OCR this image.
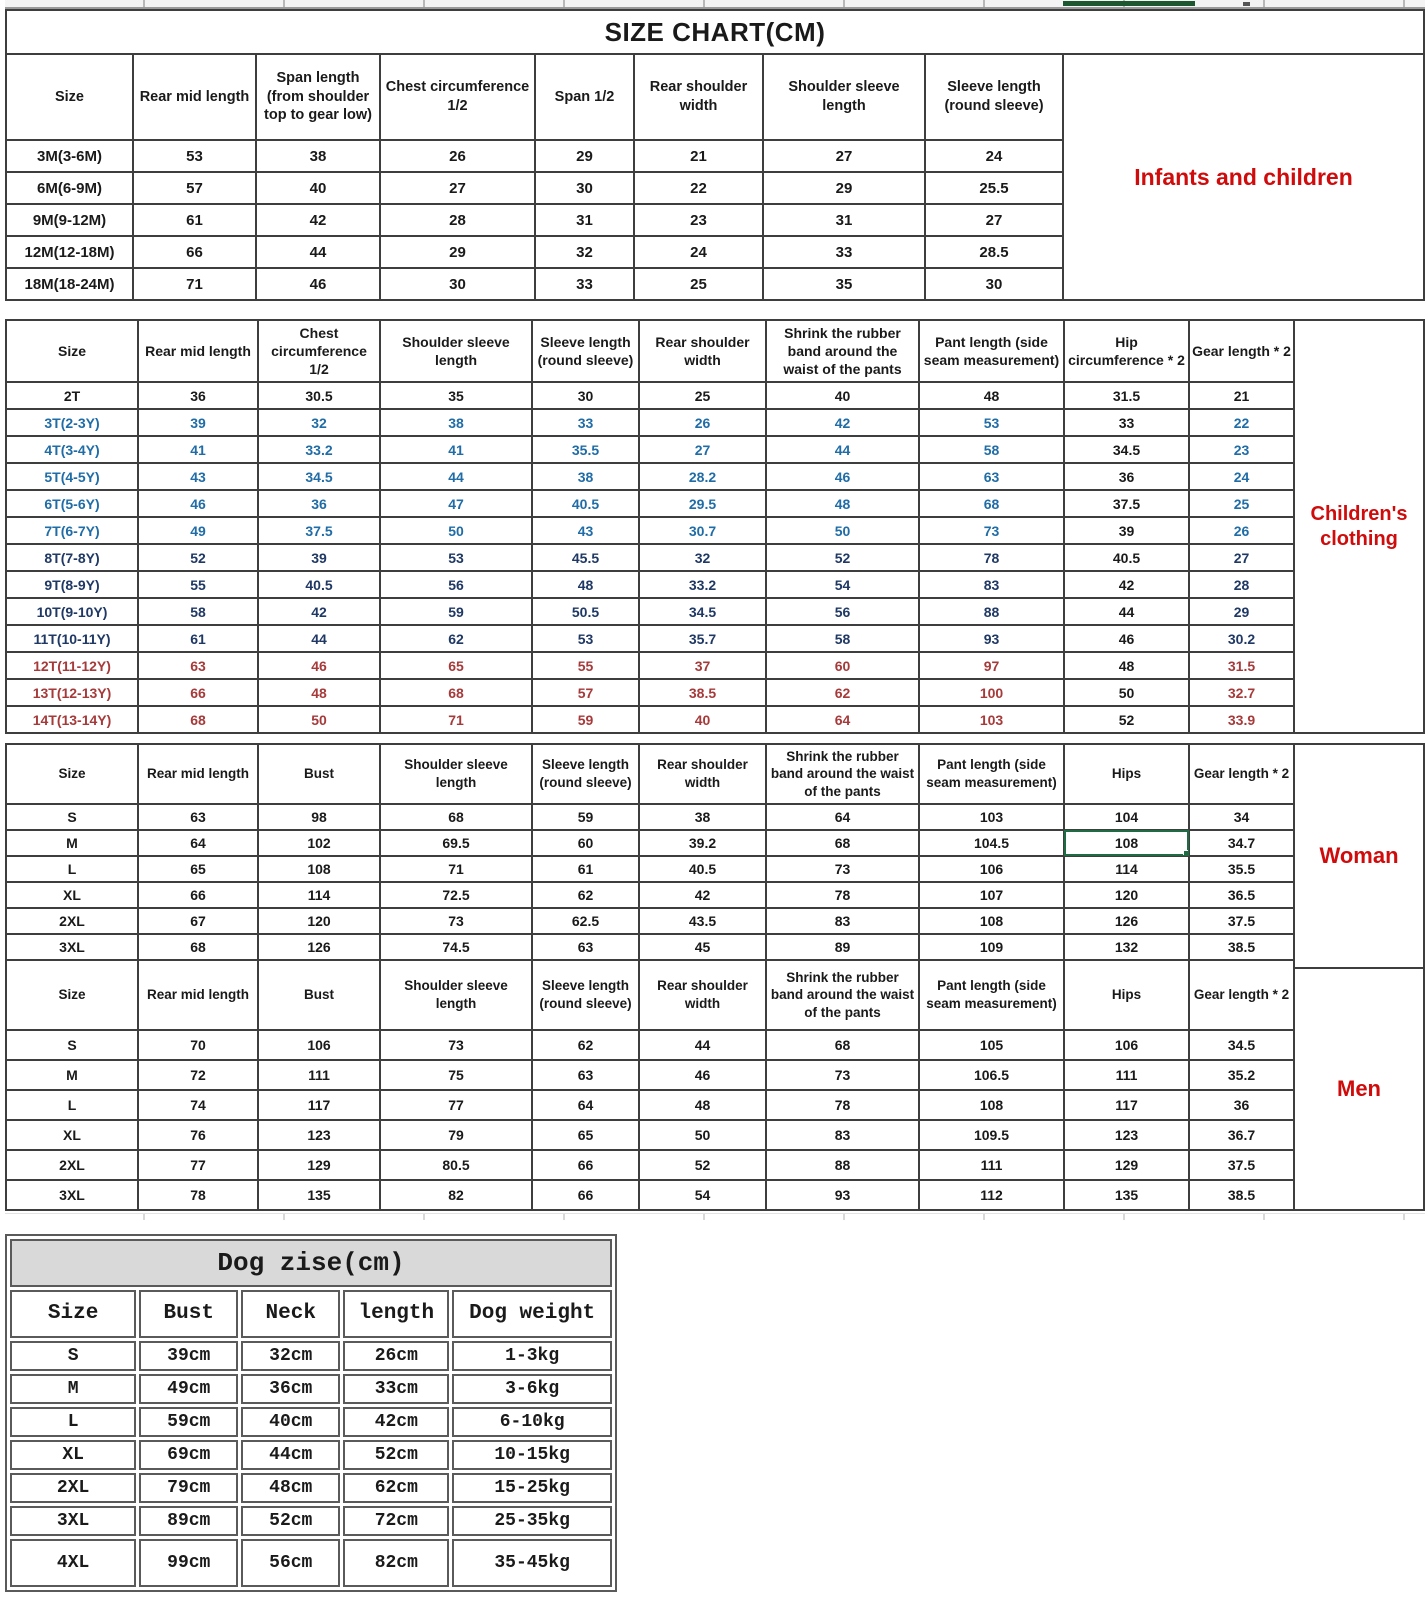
SIZE CHART(CM)
Size	Rear mid length	Span length (from shoulder top to gear low)	Chest circumference 1/2	Span 1/2	Rear shoulder width	Shoulder sleeve length	Sleeve length (round sleeve)
3M(3-6M)	53	38	26	29	21	27	24
6M(6-9M)	57	40	27	30	22	29	25.5
9M(9-12M)	61	42	28	31	23	31	27
12M(12-18M)	66	44	29	32	24	33	28.5
18M(18-24M)	71	46	30	33	25	35	30
Infants and children
Size	Rear mid length	Chest circumference 1/2	Shoulder sleeve length	Sleeve length (round sleeve)	Rear shoulder width	Shrink the rubber band around the waist of the pants	Pant length (side seam measurement)	Hip circumference * 2	Gear length * 2
2T	36	30.5	35	30	25	40	48	31.5	21
3T(2-3Y)	39	32	38	33	26	42	53	33	22
4T(3-4Y)	41	33.2	41	35.5	27	44	58	34.5	23
5T(4-5Y)	43	34.5	44	38	28.2	46	63	36	24
6T(5-6Y)	46	36	47	40.5	29.5	48	68	37.5	25
7T(6-7Y)	49	37.5	50	43	30.7	50	73	39	26
8T(7-8Y)	52	39	53	45.5	32	52	78	40.5	27
9T(8-9Y)	55	40.5	56	48	33.2	54	83	42	28
10T(9-10Y)	58	42	59	50.5	34.5	56	88	44	29
11T(10-11Y)	61	44	62	53	35.7	58	93	46	30.2
12T(11-12Y)	63	46	65	55	37	60	97	48	31.5
13T(12-13Y)	66	48	68	57	38.5	62	100	50	32.7
14T(13-14Y)	68	50	71	59	40	64	103	52	33.9
Children's clothing
Size	Rear mid length	Bust	Shoulder sleeve length	Sleeve length (round sleeve)	Rear shoulder width	Shrink the rubber band around the waist of the pants	Pant length (side seam measurement)	Hips	Gear length * 2
S	63	98	68	59	38	64	103	104	34
M	64	102	69.5	60	39.2	68	104.5	108	34.7
L	65	108	71	61	40.5	73	106	114	35.5
XL	66	114	72.5	62	42	78	107	120	36.5
2XL	67	120	73	62.5	43.5	83	108	126	37.5
3XL	68	126	74.5	63	45	89	109	132	38.5
Size	Rear mid length	Bust	Shoulder sleeve length	Sleeve length (round sleeve)	Rear shoulder width	Shrink the rubber band around the waist of the pants	Pant length (side seam measurement)	Hips	Gear length * 2
S	70	106	73	62	44	68	105	106	34.5
M	72	111	75	63	46	73	106.5	111	35.2
L	74	117	77	64	48	78	108	117	36
XL	76	123	79	65	50	83	109.5	123	36.7
2XL	77	129	80.5	66	52	88	111	129	37.5
3XL	78	135	82	66	54	93	112	135	38.5
Woman
Men
Dog zise(cm)				
Size	Bust	Neck	length	Dog weight
S	39cm	32cm	26cm	1-3kg
M	49cm	36cm	33cm	3-6kg
L	59cm	40cm	42cm	6-10kg
XL	69cm	44cm	52cm	10-15kg
2XL	79cm	48cm	62cm	15-25kg
3XL	89cm	52cm	72cm	25-35kg
4XL	99cm	56cm	82cm	35-45kg
